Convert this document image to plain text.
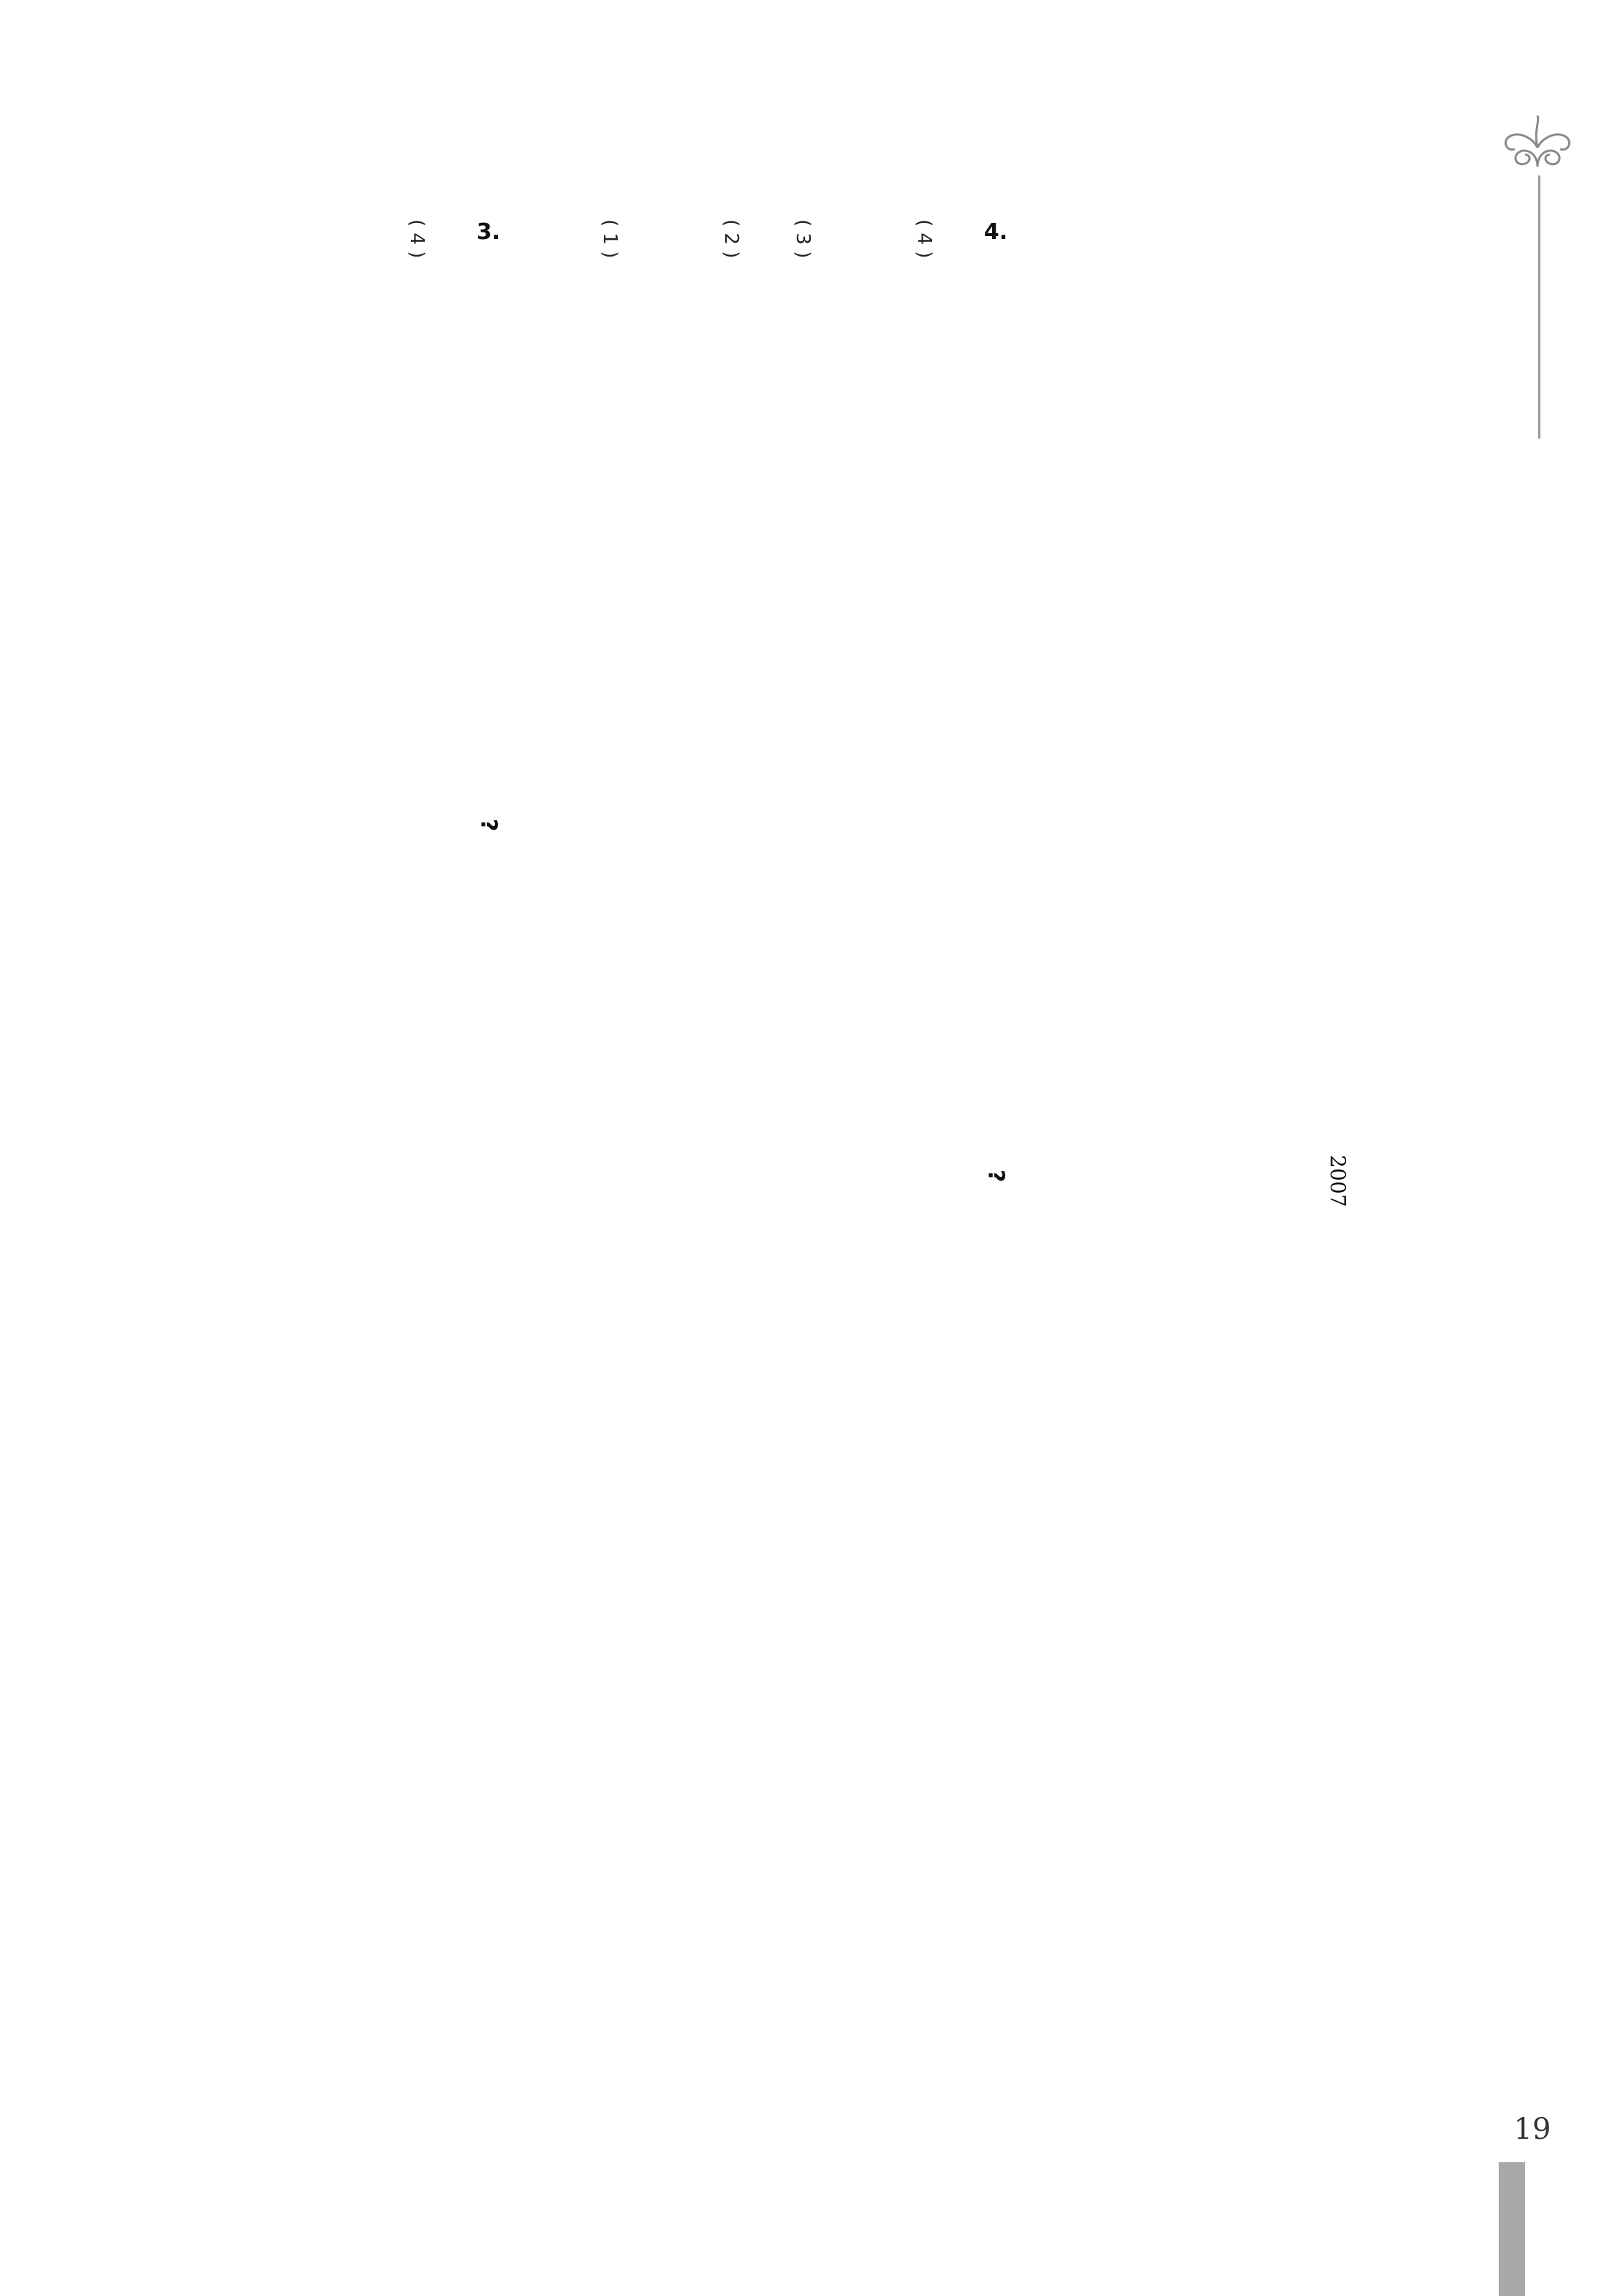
2007
4.
?
( 4 )
( 3 )
( 2 )
( 1 )
3.
?
( 4 )
19
